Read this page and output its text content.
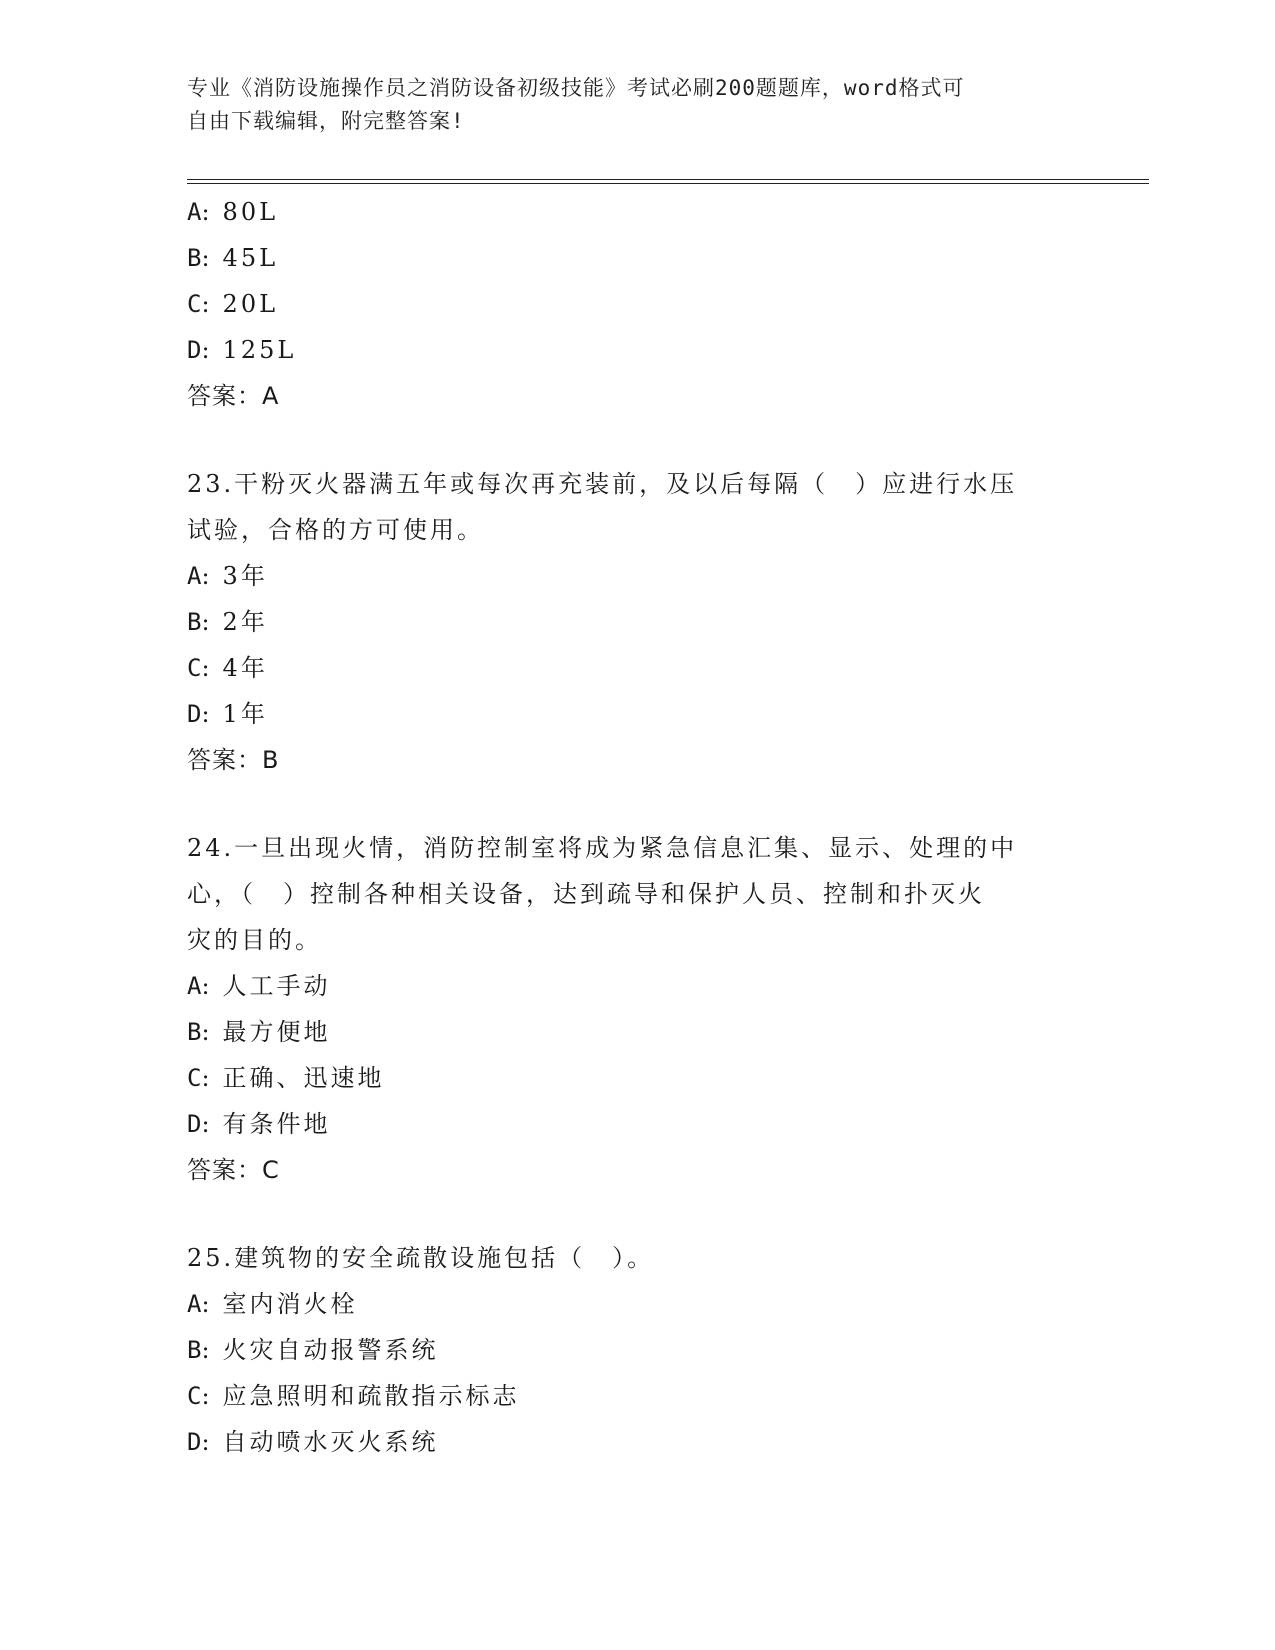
专业《消防设施操作员之消防设备初级技能》考试必刷200题题库，word格式可
自由下载编辑，附完整答案!
A: 80L
B: 45L
C: 20L
D: 125L
答案：A
23.干粉灭火器满五年或每次再充装前，及以后每隔（　）应进行水压
试验，合格的方可使用。
A: 3年
B: 2年
C: 4年
D: 1年
答案：B
24.一旦出现火情，消防控制室将成为紧急信息汇集、显示、处理的中
心，（　）控制各种相关设备，达到疏导和保护人员、控制和扑灭火
灾的目的。
A: 人工手动
B: 最方便地
C: 正确、迅速地
D: 有条件地
答案：C
25.建筑物的安全疏散设施包括（　）。
A: 室内消火栓
B: 火灾自动报警系统
C: 应急照明和疏散指示标志
D: 自动喷水灭火系统
